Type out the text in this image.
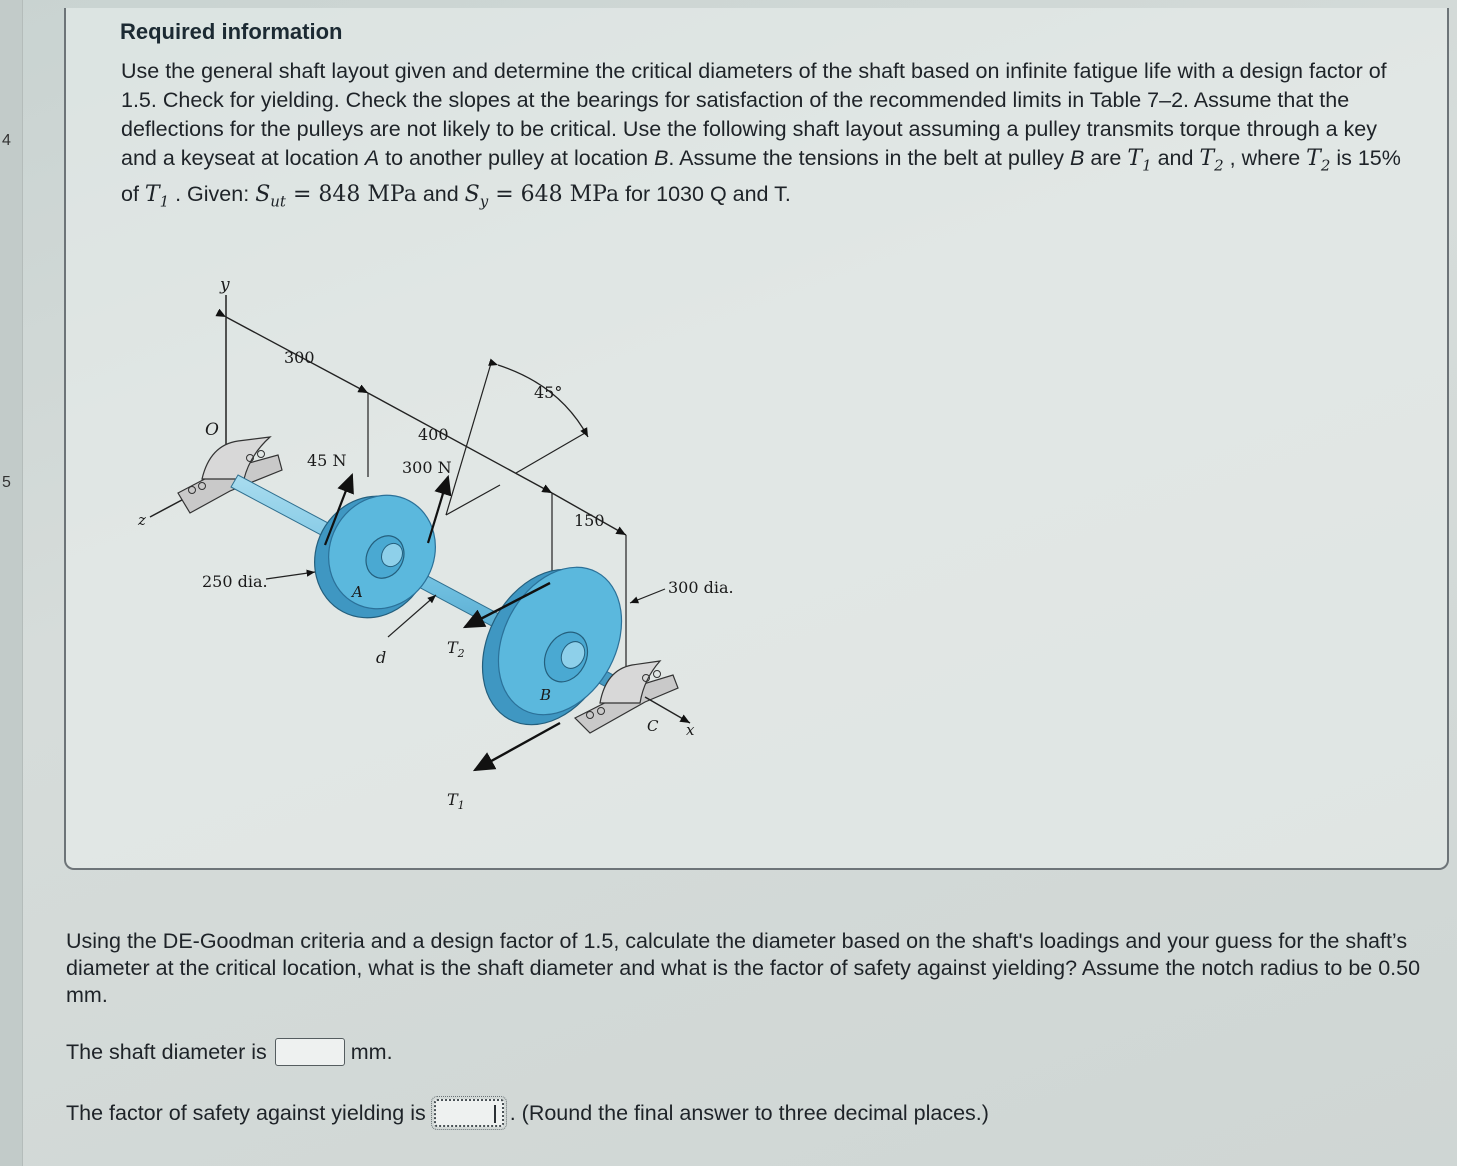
4
5
Required information
Use the general shaft layout given and determine the critical diameters of the shaft based on infinite fatigue life with a design factor of 1.5. Check for yielding. Check the slopes at the bearings for satisfaction of the recommended limits in Table 7–2. Assume that the deflections for the pulleys are not likely to be critical. Use the following shaft layout assuming a pulley transmits torque through a key and a keyseat at location A to another pulley at location B. Assume the tensions in the belt at pulley B are $T_1$ and $T_2$ , where $T_2$ is 15% of $T_1$ . Given: $S_{ut} = 848$ MPa and $S_y = 648$ MPa for 1030 Q and T.
y
z
O
300
400
150
45°
A
B
C x
45 N	300 N
$T_2$
$T_1$
250 dia.	300 dia.
d
Using the DE-Goodman criteria and a design factor of 1.5, calculate the diameter based on the shaft's loadings and your guess for the shaft’s diameter at the critical location, what is the shaft diameter and what is the factor of safety against yielding? Assume the notch radius to be 0.50 mm.
The shaft diameter is	mm.
The factor of safety against yielding is	. (Round the final answer to three decimal places.)
